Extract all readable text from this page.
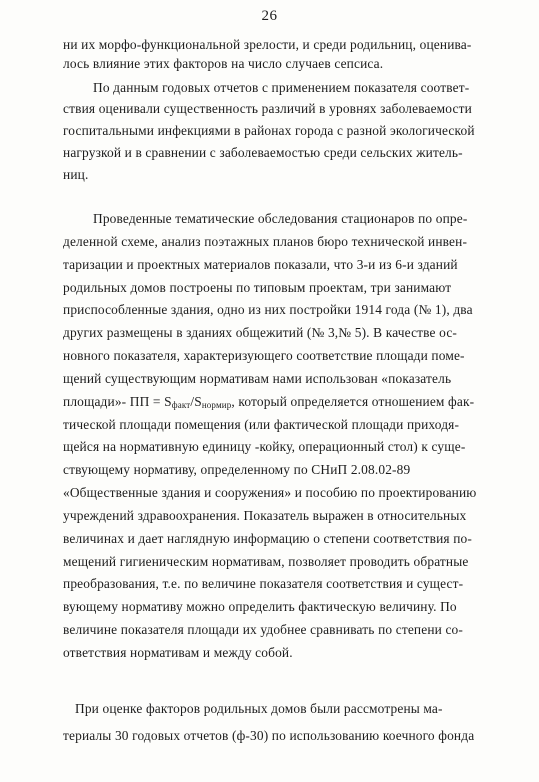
26
ни их морфо-функциональной зрелости, и среди родильниц, оценива-
лось влияние этих факторов на число случаев сепсиса.
По данным годовых отчетов с применением показателя соответ-
ствия оценивали существенность различий в уровнях заболеваемости
госпитальными инфекциями в районах города с разной экологической
нагрузкой и в сравнении с заболеваемостью среди сельских житель-
ниц.
Проведенные тематические обследования стационаров по опре-
деленной схеме, анализ поэтажных планов бюро технической инвен-
таризации и проектных материалов показали, что 3-и из 6-и зданий
родильных домов построены по типовым проектам, три занимают
приспособленные здания, одно из них постройки 1914 года (№ 1), два
других размещены в зданиях общежитий (№ 3,№ 5). В качестве ос-
новного показателя, характеризующего соответствие площади поме-
щений существующим нормативам нами использован «показатель
площади»- ПП = $S_{факт}/S_{нормир}$, который определяется отношением фак-
тической площади помещения (или фактической площади приходя-
щейся на нормативную единицу -койку, операционный стол) к суще-
ствующему нормативу, определенному по СНиП 2.08.02-89
«Общественные здания и сооружения» и пособию по проектированию
учреждений здравоохранения. Показатель выражен в относительных
величинах и дает наглядную информацию о степени соответствия по-
мещений гигиеническим нормативам, позволяет проводить обратные
преобразования, т.е. по величине показателя соответствия и сущест-
вующему нормативу можно определить фактическую величину. По
величине показателя площади их удобнее сравнивать по степени со-
ответствия нормативам и между собой.
При оценке факторов родильных домов были рассмотрены ма-
териалы 30 годовых отчетов (ф-30) по использованию коечного фонда
